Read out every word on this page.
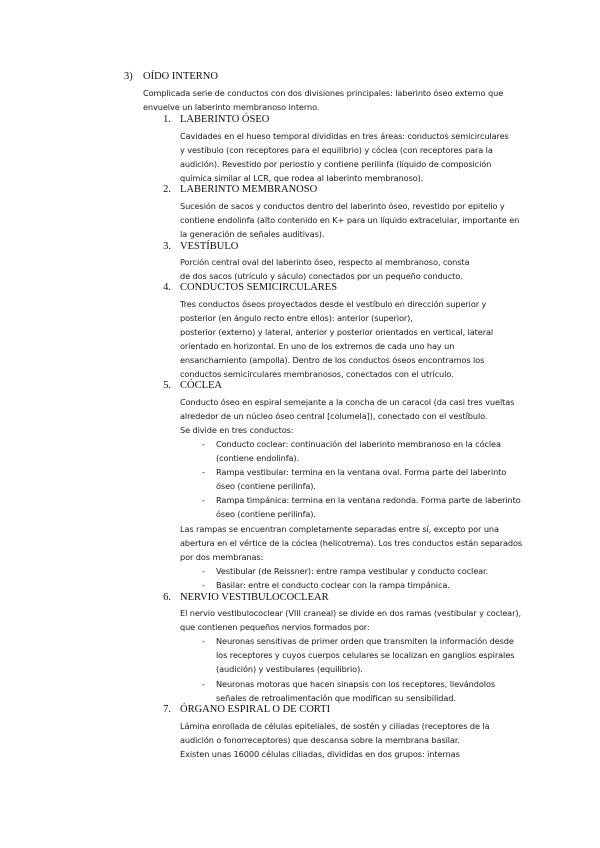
3) OÍDO INTERNO
Complicada serie de conductos con dos divisiones principales: laberinto óseo externo que
envuelve un laberinto membranoso interno.
1. LABERINTO ÓSEO
Cavidades en el hueso temporal divididas en tres áreas: conductos semicirculares
y vestíbulo (con receptores para el equilibrio) y cóclea (con receptores para la
audición). Revestido por periostio y contiene perilinfa (líquido de composición
química similar al LCR, que rodea al laberinto membranoso).
2. LABERINTO MEMBRANOSO
Sucesión de sacos y conductos dentro del laberinto óseo, revestido por epitelio y
contiene endolinfa (alto contenido en K+ para un líquido extracelular, importante en
la generación de señales auditivas).
3. VESTÍBULO
Porción central oval del laberinto óseo, respecto al membranoso, consta
de dos sacos (utrículo y sáculo) conectados por un pequeño conducto.
4. CONDUCTOS SEMICIRCULARES
Tres conductos óseos proyectados desde el vestíbulo en dirección superior y
posterior (en ángulo recto entre ellos): anterior (superior),
posterior (externo) y lateral, anterior y posterior orientados en vertical, lateral
orientado en horizontal. En uno de los extremos de cada uno hay un
ensanchamiento (ampolla). Dentro de los conductos óseos encontramos los
conductos semicirculares membranosos, conectados con el utrículo.
5. CÓCLEA
Conducto óseo en espiral semejante a la concha de un caracol (da casi tres vueltas
alrededor de un núcleo óseo central [columela]), conectado con el vestíbulo.
Se divide en tres conductos:
- Conducto coclear: continuación del laberinto membranoso en la cóclea
(contiene endolinfa).
- Rampa vestibular: termina en la ventana oval. Forma parte del laberinto
óseo (contiene perilinfa).
- Rampa timpánica: termina en la ventana redonda. Forma parte de laberinto
óseo (contiene perilinfa).
Las rampas se encuentran completamente separadas entre sí, excepto por una
abertura en el vértice de la cóclea (helicotrema). Los tres conductos están separados
por dos membranas:
- Vestibular (de Reissner): entre rampa vestibular y conducto coclear.
- Basilar: entre el conducto coclear con la rampa timpánica.
6. NERVIO VESTIBULOCOCLEAR
El nervio vestibulococlear (VIII craneal) se divide en dos ramas (vestibular y coclear),
que contienen pequeños nervios formados por:
- Neuronas sensitivas de primer orden que transmiten la información desde
los receptores y cuyos cuerpos celulares se localizan en ganglios espirales
(audición) y vestibulares (equilibrio).
- Neuronas motoras que hacen sinapsis con los receptores, llevándolos
señales de retroalimentación que modifican su sensibilidad.
7. ÓRGANO ESPIRAL O DE CORTI
Lámina enrollada de células epiteliales, de sostén y ciliadas (receptores de la
audición o fonorreceptores) que descansa sobre la membrana basilar.
Existen unas 16000 células ciliadas, divididas en dos grupos: internas
